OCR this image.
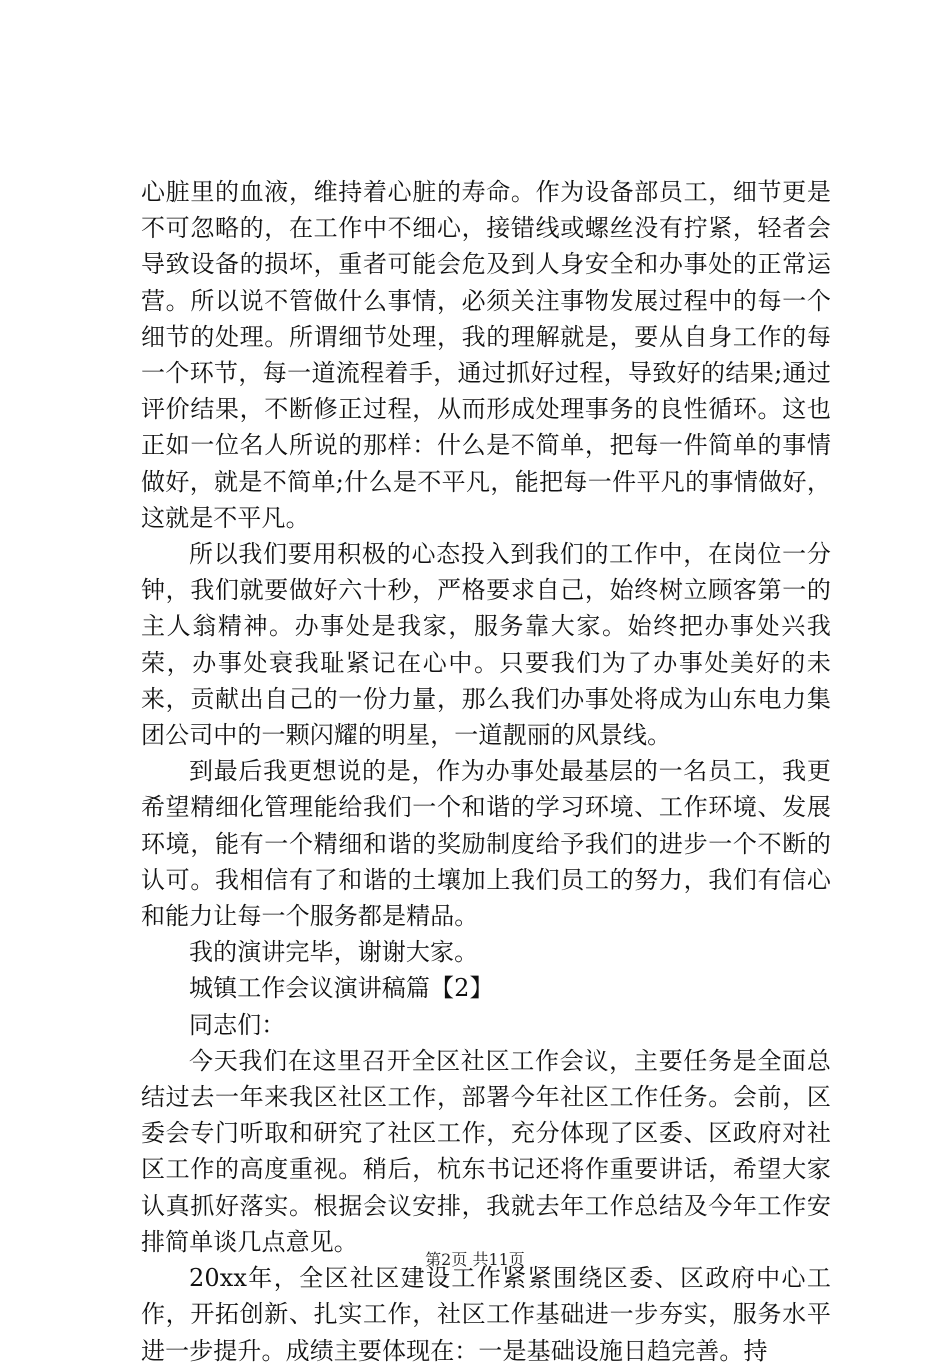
心脏里的血液，维持着心脏的寿命。作为设备部员工，细节更是不可忽略的，在工作中不细心，接错线或螺丝没有拧紧，轻者会导致设备的损坏，重者可能会危及到人身安全和办事处的正常运营。所以说不管做什么事情，必须关注事物发展过程中的每一个细节的处理。所谓细节处理，我的理解就是，要从自身工作的每一个环节，每一道流程着手，通过抓好过程，导致好的结果;通过评价结果，不断修正过程，从而形成处理事务的良性循环。这也正如一位名人所说的那样：什么是不简单，把每一件简单的事情做好，就是不简单;什么是不平凡，能把每一件平凡的事情做好，这就是不平凡。

所以我们要用积极的心态投入到我们的工作中，在岗位一分钟，我们就要做好六十秒，严格要求自己，始终树立顾客第一的主人翁精神。办事处是我家，服务靠大家。始终把办事处兴我荣，办事处衰我耻紧记在心中。只要我们为了办事处美好的未来，贡献出自己的一份力量，那么我们办事处将成为山东电力集团公司中的一颗闪耀的明星，一道靓丽的风景线。

到最后我更想说的是，作为办事处最基层的一名员工，我更希望精细化管理能给我们一个和谐的学习环境、工作环境、发展环境，能有一个精细和谐的奖励制度给予我们的进步一个不断的认可。我相信有了和谐的土壤加上我们员工的努力，我们有信心和能力让每一个服务都是精品。

我的演讲完毕，谢谢大家。

城镇工作会议演讲稿篇【2】

同志们：

今天我们在这里召开全区社区工作会议，主要任务是全面总结过去一年来我区社区工作，部署今年社区工作任务。会前，区委会专门听取和研究了社区工作，充分体现了区委、区政府对社区工作的高度重视。稍后，杭东书记还将作重要讲话，希望大家认真抓好落实。根据会议安排，我就去年工作总结及今年工作安排简单谈几点意见。

20xx年，全区社区建设工作紧紧围绕区委、区政府中心工作，开拓创新、扎实工作，社区工作基础进一步夯实，服务水平进一步提升。成绩主要体现在：一是基础设施日趋完善。持

第2页 共11页
